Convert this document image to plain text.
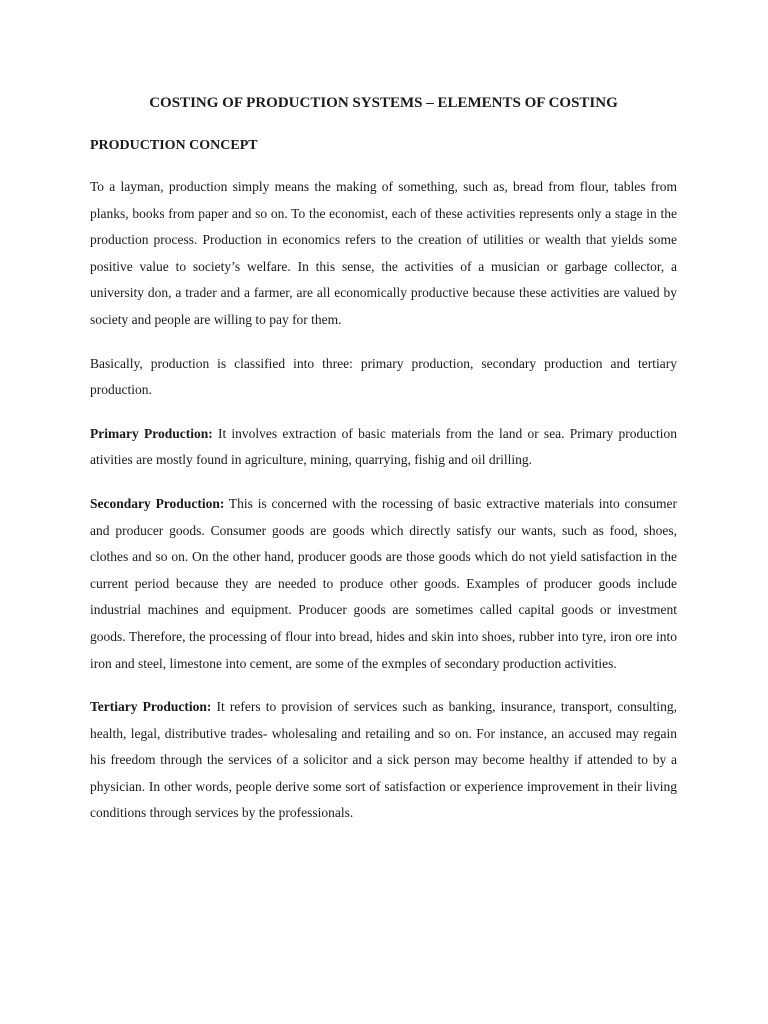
COSTING OF PRODUCTION SYSTEMS – ELEMENTS OF COSTING
PRODUCTION CONCEPT

To a layman, production simply means the making of something, such as, bread from flour, tables from planks, books from paper and so on. To the economist, each of these activities represents only a stage in the production process. Production in economics refers to the creation of utilities or wealth that yields some positive value to society’s welfare. In this sense, the activities of a musician or garbage collector, a university don, a trader and a farmer, are all economically productive because these activities are valued by society and people are willing to pay for them.

Basically, production is classified into three: primary production, secondary production and tertiary production.

Primary Production: It involves extraction of basic materials from the land or sea. Primary production ativities are mostly found in agriculture, mining, quarrying, fishig and oil drilling.

Secondary Production: This is concerned with the rocessing of basic extractive materials into consumer and producer goods. Consumer goods are goods which directly satisfy our wants, such as food, shoes, clothes and so on. On the other hand, producer goods are those goods which do not yield satisfaction in the current period because they are needed to produce other goods. Examples of producer goods include industrial machines and equipment. Producer goods are sometimes called capital goods or investment goods. Therefore, the processing of flour into bread, hides and skin into shoes, rubber into tyre, iron ore into iron and steel, limestone into cement, are some of the exmples of secondary production activities.

Tertiary Production: It refers to provision of services such as banking, insurance, transport, consulting, health, legal, distributive trades- wholesaling and retailing and so on. For instance, an accused may regain his freedom through the services of a solicitor and a sick person may become healthy if attended to by a physician. In other words, people derive some sort of satisfaction or experience improvement in their living conditions through services by the professionals.
